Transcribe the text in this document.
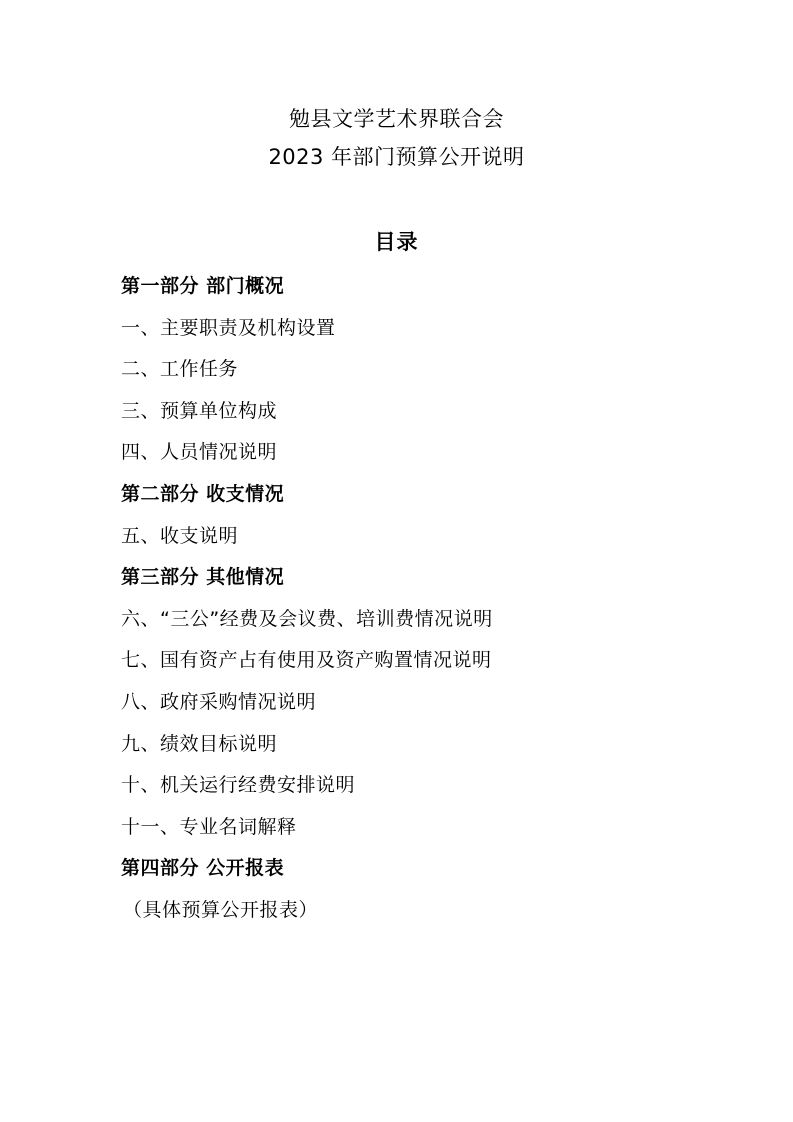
勉县文学艺术界联合会
2023 年部门预算公开说明
目录
第一部分 部门概况
一、主要职责及机构设置
二、工作任务
三、预算单位构成
四、人员情况说明
第二部分 收支情况
五、收支说明
第三部分 其他情况
六、“三公”经费及会议费、培训费情况说明
七、国有资产占有使用及资产购置情况说明
八、政府采购情况说明
九、绩效目标说明
十、机关运行经费安排说明
十一、专业名词解释
第四部分 公开报表
（具体预算公开报表）
